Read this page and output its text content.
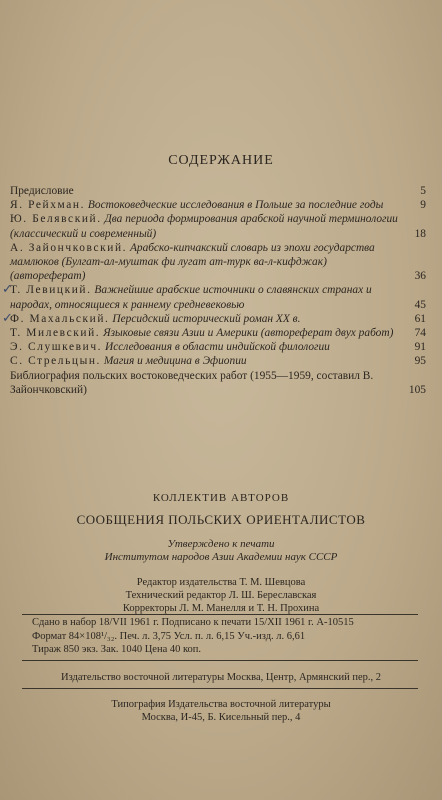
СОДЕРЖАНИЕ
Предисловие	5
Я. Рейхман. Востоковедческие исследования в Польше за последние годы	9
Ю. Белявский. Два периода формирования арабской научной терминологии (классический и современный)	18
А. Зайончковский. Арабско-кипчакский словарь из эпохи государства мамлюков (Булгат-ал-муштак фи лугат ат-турк ва-л-кифджак) (автореферат)	36
✓
Т. Левицкий. Важнейшие арабские источники о славянских странах и народах, относящиеся к раннему средневековью	45
✓
Ф. Махальский. Персидский исторический роман XX в.	61
Т. Милевский. Языковые связи Азии и Америки (автореферат двух работ)	74
Э. Слушкевич. Исследования в области индийской филологии	91
С. Стрельцын. Магия и медицина в Эфиопии	95
Библиография польских востоковедческих работ (1955—1959, составил В. Зайончковский)	105
КОЛЛЕКТИВ АВТОРОВ
СООБЩЕНИЯ ПОЛЬСКИХ ОРИЕНТАЛИСТОВ
Утверждено к печати
Институтом народов Азии Академии наук СССР
Редактор издательства Т. М. Шевцова
Технический редактор Л. Ш. Береславская
Корректоры Л. М. Манелля и Т. Н. Прохина
Сдано в набор 18/VII 1961 г. Подписано к печати 15/XII 1961 г. А-10515
Формат 84×108¹/₃₂. Печ. л. 3,75 Усл. п. л. 6,15 Уч.-изд. л. 6,61
Тираж 850 экз. Зак. 1040 Цена 40 коп.
Издательство восточной литературы Москва, Центр, Армянский пер., 2
Типография Издательства восточной литературы
Москва, И-45, Б. Кисельный пер., 4
